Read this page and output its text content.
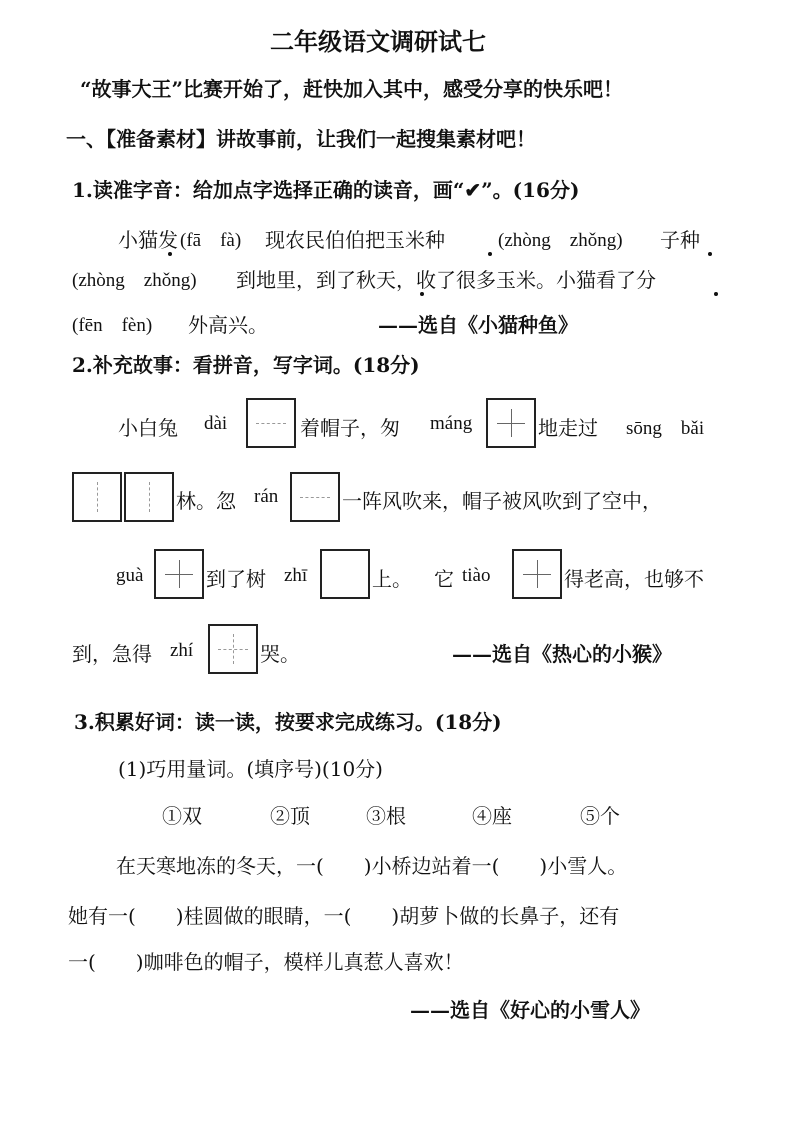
二年级语文调研试七
“故事大王”比赛开始了，赶快加入其中，感受分享的快乐吧！
一、【准备素材】讲故事前，让我们一起搜集素材吧！
1.读准字音：给加点字选择正确的读音，画“✔”。(16分)
小猫发 (fā　fà) 现农民伯伯把玉米种	(zhòng　zhǒng) 子种
(zhòng　zhǒng) 到地里，到了秋天，收了很多玉米。小猫看了分
(fēn　fèn) 外高兴。	——选自《小猫种鱼》
2.补充故事：看拼音，写字词。(18分)
小白兔 dài	着帽子，匆 máng	地走过 sōng　bǎi
林。忽 rán	一阵风吹来，帽子被风吹到了空中，
guà	到了树 zhī	上。 它 tiào	得老高，也够不
到，急得 zhí	哭。	——选自《热心的小猴》
3.积累好词：读一读，按要求完成练习。(18分)
(1)巧用量词。(填序号)(10分)
①双	②顶	③根	④座	⑤个
在天寒地冻的冬天，一(　　)小桥边站着一(　　)小雪人。
她有一(　　)桂圆做的眼睛，一(　　)胡萝卜做的长鼻子，还有
一(　　)咖啡色的帽子，模样儿真惹人喜欢！
——选自《好心的小雪人》
